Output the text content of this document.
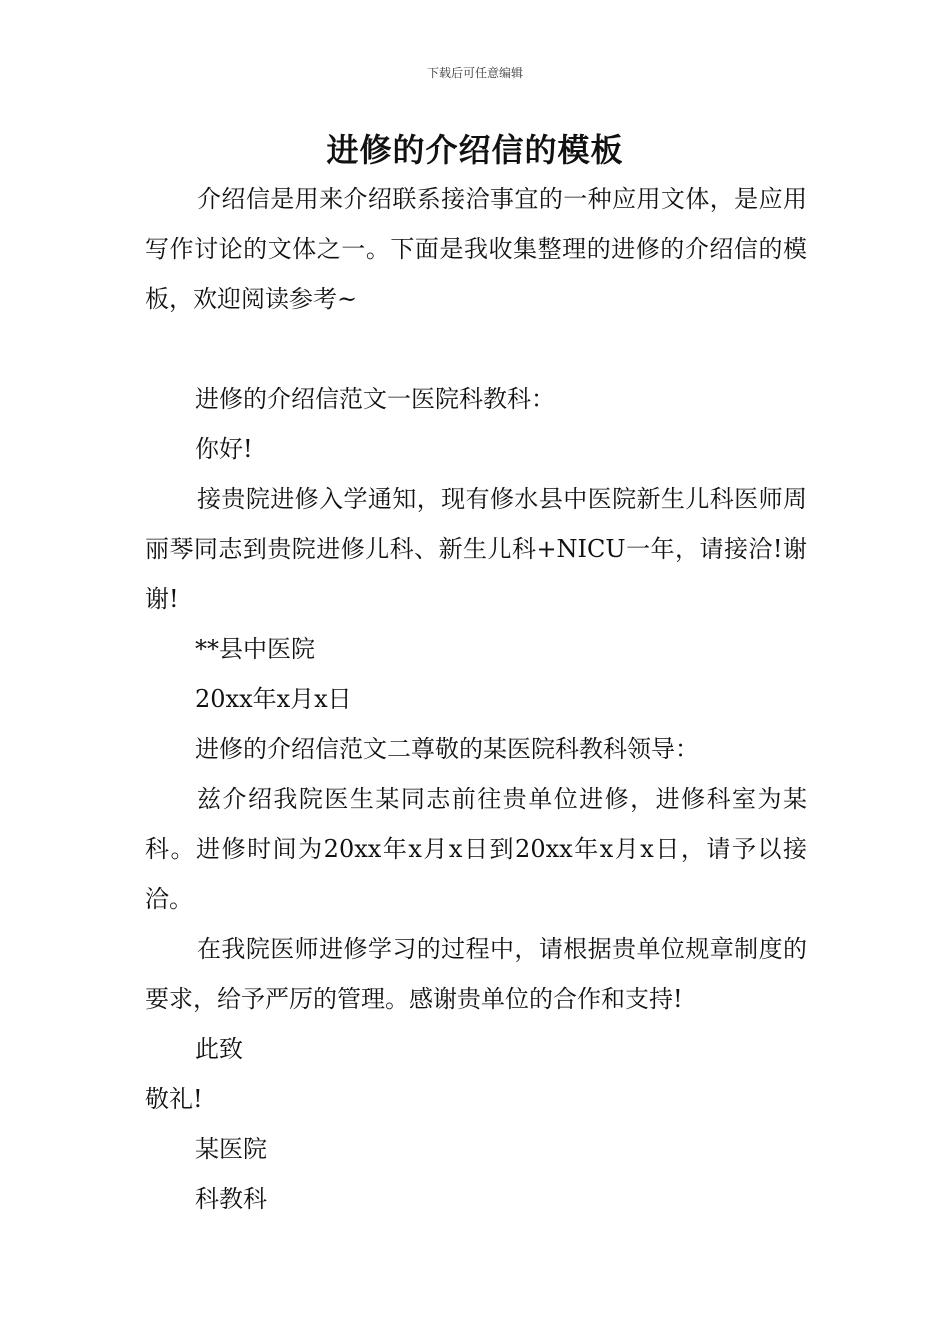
下载后可任意编辑
进修的介绍信的模板

介绍信是用来介绍联系接洽事宜的一种应用文体，是应用写作讨论的文体之一。下面是我收集整理的进修的介绍信的模板，欢迎阅读参考~

进修的介绍信范文一医院科教科：

你好!

接贵院进修入学通知，现有修水县中医院新生儿科医师周丽琴同志到贵院进修儿科、新生儿科+NICU一年，请接洽!谢谢!

**县中医院

20xx年x月x日

进修的介绍信范文二尊敬的某医院科教科领导：

兹介绍我院医生某同志前往贵单位进修，进修科室为某科。进修时间为20xx年x月x日到20xx年x月x日，请予以接洽。

在我院医师进修学习的过程中，请根据贵单位规章制度的要求，给予严厉的管理。感谢贵单位的合作和支持!

此致

敬礼!

某医院

科教科
